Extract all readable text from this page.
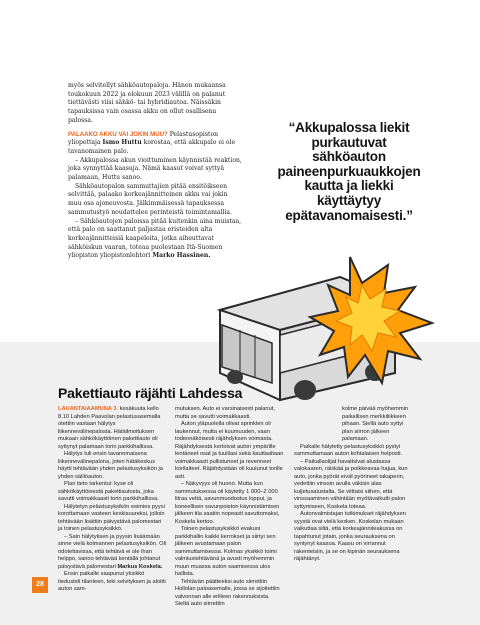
myös selvitellyt sähköautopaloja. Hänen mukaansa toukokuun 2022 ja elokuun 2023 välillä on palanut tiettävästi viisi sähkö- tai hybridiautoa. Näissäkin tapauksissa vain osassa akku on ollut osallisena palossa.

PALAAKO AKKU VAI JOKIN MUU? Pelastusopiston yliopettaja Ismo Huttu korostaa, että akkupalo ei ole tavanomainen palo.

– Akkupalossa akun vioittuminen käynnistää reaktion, joka synnyttää kaasuja. Nämä kaasut voivat syttyä palamaan, Huttu sanoo.

Sähköautopalon sammuttajien pitää ensitöikseen selvittää, palaako korkeajännitteinen akku vai jokin muu osa ajoneuvosta. Jälkimmäisessä tapauksessa sammutustyö noudattelee perinteistä toimintamallia.

– Sähköautojen paloissa pitää kuitenkin aina muistaa, että palo on saattanut paljastaa eristeiden alta korkeajännitteisiä kaapeleita, jotka aiheuttavat sähköiskun vaaran, toteaa puolestaan Itä-Suomen yliopiston yliopistonlehtori Marko Hassinen.

“Akkupalossa liekit purkautuvat sähköauton paineenpurkuaukkojen kautta ja liekki käyttäytyy epätavanomaisesti.”
Pakettiauto räjähti Lahdessa

LAUANTAIAAMUNA 3. kesäkuuta kello 8.10 Lahden Paavolan pelastusasemalla otettiin vastaan hälytys liikennevälinepalosta. Hätäilmoituksen mukaan sähkökäyttöinen pakettiauto oli syttynyt palamaan torin parkkihallissa.

Hälytys tuli ensin tavanomaisena liikennevälinepalona, joten hätäkeskus häytti tehtävään yhden pelastusyksikön ja yhden säiliöauton.

Plan tieto tarkentui: kyse oli sähkökäyttöisestä pakettiautosta, joka savutti voimakkaasti torin parkkihallissa.

Hälytetyn pelastusyksikön esimies pyysi korottamaan vasteen keskisuureksi, jolloin tehtävään lisättiin päivystävä palomestari ja toinen pelastusyksikkö.

– Sain hälytyksen ja pyysin lisäämään sinne vielä kolmannen pelastusyksikön. Oli odotettavissa, että tehtävä ei ole ihan helppo, sanoo tehtävää kentällä johtanut päivystävä palomestari Markus Koskela.

Ensin paikalle saapunut yksikkö tiedusteli tilanteen, teki selvityksen ja aloitti auton sam-

mutuksen. Auto ei varsinaisesti palanut, mutta se savutti voimakkaasti.

Auton yläpuolella olivat sprinkleri oli laukennut, mutta ei kuumuuden, vaan todennäköisesti räjähdyksen voimasta. Räjähdyksestä kertoivat auton ympärille lentäneet osat ja tuulilasi sekä kauttaaltaan voimakkaasti pullistuneet ja revenneet korilaiteet. Räjähdystään oli kuulunut torille asti.

– Näkyvyys oli huono. Mutta kun sammutuksessa oli käytetty 1 000–2 000 litraa vettä, savunmuodostus loppui, ja koneellisen savunpoiston käynnistämisen jälkeen tila saatiin nopeasti savuttomaksi, Koskela kertoo.

Toinen pelastusyksikkö evakuoi parkkihallin kaikki kerrokset ja siirtyi sen jälkeen avustamaan palon sammuttamisessa. Kolmas yksikkö toimi valmiustehtävänä ja avusti myöhemmin muun muassa auton saamisessa ulos hallista.

Tehtävän päätteeksi auto siirrettiin Hollolan paloasemalle, jossa se sijoitettiin valvonnan alle erilleen rakennuksista. Sieltä auto siirrettiin

kolme päivää myöhemmin paikallisen merkkiliikkeen pihaan. Siellä auto syttyi plan siirron jälkeen palamaan.

Paikalle hälytetty pelastusyksikkö pystyi sammuttamaan auton kohtalaisen helposti.

– Paikallaolijat havaitsivat alustassa valokaaren, räiskää ja poikkeavaa hajua, kun auto, jonka pyörät eivät pyörineet takaperin, vedettiin vinssin avulla väkisin alas kuljetusalustalta. Se viittaisi siihen, että vinssaaminen vähintään myötävaikutti palon syttymiseen, Koskela toteaa.

Autonvalmistajan tutkimukset räjähdyksen syystä ovat vielä kesken. Koskelan mukaan vaikuttaa siltä, että korkeajänniteakussa on tapahtunut jotain, jonka seurauksena on syntynyt kaasua. Kaasu on virrannut rakenteisiin, ja se on kipinän seurauksena räjähtänyt.

28
